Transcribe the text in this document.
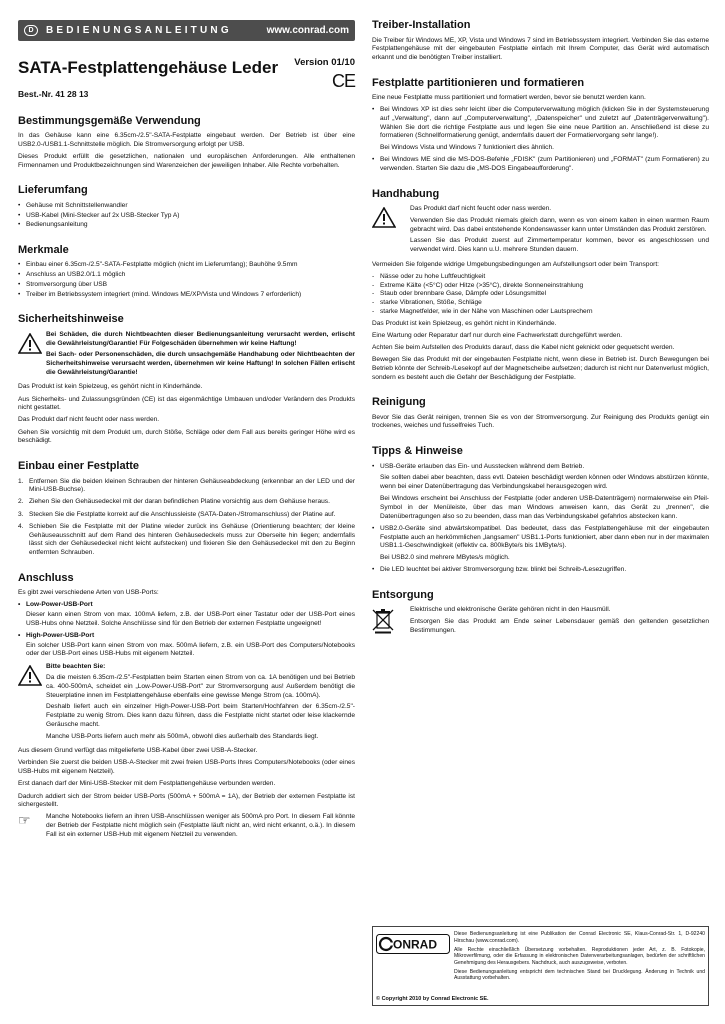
D	BEDIENUNGSANLEITUNG	www.conrad.com
SATA-Festplattengehäuse Leder Version 01/10
CE
Best.-Nr. 41 28 13
Bestimmungsgemäße Verwendung

In das Gehäuse kann eine 6.35cm-/2.5"-SATA-Festplatte eingebaut werden. Der Betrieb ist über eine USB2.0-/USB1.1-Schnittstelle möglich. Die Stromversorgung erfolgt per USB.

Dieses Produkt erfüllt die gesetzlichen, nationalen und europäischen Anforderungen. Alle enthaltenen Firmennamen und Produktbezeichnungen sind Warenzeichen der jeweiligen Inhaber. Alle Rechte vorbehalten.

Lieferumfang
• Gehäuse mit Schnittstellenwandler
• USB-Kabel (Mini-Stecker auf 2x USB-Stecker Typ A)
• Bedienungsanleitung
Merkmale
• Einbau einer 6.35cm-/2.5"-SATA-Festplatte möglich (nicht im Lieferumfang); Bauhöhe 9.5mm
• Anschluss an USB2.0/1.1 möglich
• Stromversorgung über USB
• Treiber im Betriebssystem integriert (mind. Windows ME/XP/Vista und Windows 7 erforderlich)
Sicherheitshinweise

Bei Schäden, die durch Nichtbeachten dieser Bedienungsanleitung verursacht werden, erlischt die Gewährleistung/Garantie! Für Folgeschäden übernehmen wir keine Haftung!

Bei Sach- oder Personenschäden, die durch unsachgemäße Handhabung oder Nichtbeachten der Sicherheitshinweise verursacht werden, übernehmen wir keine Haftung! In solchen Fällen erlischt die Gewährleistung/Garantie!

Das Produkt ist kein Spielzeug, es gehört nicht in Kinderhände.

Aus Sicherheits- und Zulassungsgründen (CE) ist das eigenmächtige Umbauen und/oder Verändern des Produkts nicht gestattet.

Das Produkt darf nicht feucht oder nass werden.

Gehen Sie vorsichtig mit dem Produkt um, durch Stöße, Schläge oder dem Fall aus bereits geringer Höhe wird es beschädigt.

Einbau einer Festplatte
1. Entfernen Sie die beiden kleinen Schrauben der hinteren Gehäuseabdeckung (erkennbar an der LED und der Mini-USB-Buchse).
2. Ziehen Sie den Gehäusedeckel mit der daran befindlichen Platine vorsichtig aus dem Gehäuse heraus.
3. Stecken Sie die Festplatte korrekt auf die Anschlussleiste (SATA-Daten-/Stromanschluss) der Platine auf.
4. Schieben Sie die Festplatte mit der Platine wieder zurück ins Gehäuse (Orientierung beachten; der kleine Gehäuseausschnitt auf dem Rand des hinteren Gehäusedeckels muss zur Oberseite hin liegen; andernfalls lässt sich der Gehäusedeckel nicht leicht aufstecken) und fixieren Sie den Gehäusedeckel mit den zu Beginn entfernten Schrauben.
Anschluss

Es gibt zwei verschiedene Arten von USB-Ports:

• Low-Power-USB-Port

Dieser kann einen Strom von max. 100mA liefern, z.B. der USB-Port einer Tastatur oder der USB-Port eines USB-Hubs ohne Netzteil. Solche Anschlüsse sind für den Betrieb der externen Festplatte ungeeignet!

• High-Power-USB-Port

Ein solcher USB-Port kann einen Strom von max. 500mA liefern, z.B. ein USB-Port des Computers/Notebooks oder der USB-Port eines USB-Hubs mit eigenem Netzteil.

Bitte beachten Sie:

Da die meisten 6.35cm-/2.5"-Festplatten beim Starten einen Strom von ca. 1A benötigen und bei Betrieb ca. 400-500mA, scheidet ein „Low-Power-USB-Port" zur Stromversorgung aus! Außerdem benötigt die Steuerplatine innen im Festplattengehäuse ebenfalls eine gewisse Menge Strom (ca. 100mA).

Deshalb liefert auch ein einzelner High-Power-USB-Port beim Starten/Hochfahren der 6.35cm-/2.5"-Festplatte zu wenig Strom. Dies kann dazu führen, dass die Festplatte nicht startet oder leise klackernde Geräusche macht.

Manche USB-Ports liefern auch mehr als 500mA, obwohl dies außerhalb des Standards liegt.

Aus diesem Grund verfügt das mitgelieferte USB-Kabel über zwei USB-A-Stecker.

Verbinden Sie zuerst die beiden USB-A-Stecker mit zwei freien USB-Ports Ihres Computers/Notebooks (oder eines USB-Hubs mit eigenem Netzteil).

Erst danach darf der Mini-USB-Stecker mit dem Festplattengehäuse verbunden werden.

Dadurch addiert sich der Strom beider USB-Ports (500mA + 500mA = 1A), der Betrieb der externen Festplatte ist sichergestellt.

☞	Manche Notebooks liefern an ihren USB-Anschlüssen weniger als 500mA pro Port. In diesem Fall könnte der Betrieb der Festplatte nicht möglich sein (Festplatte läuft nicht an, wird nicht erkannt, o.ä.). In diesem Fall ist ein externer USB-Hub mit eigenem Netzteil zu verwenden.
Treiber-Installation

Die Treiber für Windows ME, XP, Vista und Windows 7 sind im Betriebssystem integriert. Verbinden Sie das externe Festplattengehäuse mit der eingebauten Festplatte einfach mit Ihrem Computer, das Gerät wird automatisch erkannt und die benötigten Treiber installiert.

Festplatte partitionieren und formatieren

Eine neue Festplatte muss partitioniert und formatiert werden, bevor sie benutzt werden kann.

• Bei Windows XP ist dies sehr leicht über die Computerverwaltung möglich (klicken Sie in der Systemsteuerung auf „Verwaltung", dann auf „Computerverwaltung", „Datenspeicher" und zuletzt auf „Datenträgerverwaltung"). Wählen Sie dort die richtige Festplatte aus und legen Sie eine neue Partition an. Anschließend ist diese zu formatieren (Schnellformatierung genügt, andernfalls dauert der Formatiervorgang sehr lange!).

Bei Windows Vista und Windows 7 funktioniert dies ähnlich.

• Bei Windows ME sind die MS-DOS-Befehle „FDISK" (zum Partitionieren) und „FORMAT" (zum Formatieren) zu verwenden. Starten Sie dazu die „MS-DOS Eingabeaufforderung".
Handhabung

Das Produkt darf nicht feucht oder nass werden.

Verwenden Sie das Produkt niemals gleich dann, wenn es von einem kalten in einen warmen Raum gebracht wird. Das dabei entstehende Kondenswasser kann unter Umständen das Produkt zerstören.

Lassen Sie das Produkt zuerst auf Zimmertemperatur kommen, bevor es angeschlossen und verwendet wird. Dies kann u.U. mehrere Stunden dauern.

Vermeiden Sie folgende widrige Umgebungsbedingungen am Aufstellungsort oder beim Transport:

- Nässe oder zu hohe Luftfeuchtigkeit
- Extreme Kälte (<5°C) oder Hitze (>35°C), direkte Sonneneinstrahlung
- Staub oder brennbare Gase, Dämpfe oder Lösungsmittel
- starke Vibrationen, Stöße, Schläge
- starke Magnetfelder, wie in der Nähe von Maschinen oder Lautsprechern

Das Produkt ist kein Spielzeug, es gehört nicht in Kinderhände.

Eine Wartung oder Reparatur darf nur durch eine Fachwerkstatt durchgeführt werden.

Achten Sie beim Aufstellen des Produkts darauf, dass die Kabel nicht geknickt oder gequetscht werden.

Bewegen Sie das Produkt mit der eingebauten Festplatte nicht, wenn diese in Betrieb ist. Durch Bewegungen bei Betrieb könnte der Schreib-/Lesekopf auf der Magnetscheibe aufsetzen; dadurch ist nicht nur Datenverlust möglich, sondern es besteht auch die Gefahr der Beschädigung der Festplatte.

Reinigung

Bevor Sie das Gerät reinigen, trennen Sie es von der Stromversorgung. Zur Reinigung des Produkts genügt ein trockenes, weiches und fusselfreies Tuch.

Tipps & Hinweise
• USB-Geräte erlauben das Ein- und Ausstecken während dem Betrieb.

Sie sollten dabei aber beachten, dass evtl. Dateien beschädigt werden können oder Windows abstürzen könnte, wenn bei einer Datenübertragung das Verbindungskabel herausgezogen wird.

Bei Windows erscheint bei Anschluss der Festplatte (oder anderen USB-Datenträgern) normalerweise ein Pfeil-Symbol in der Menüleiste, über das man Windows anweisen kann, das Gerät zu „trennen", die Datenübertragungen also so zu beenden, dass man das Verbindungskabel gefahrlos abstecken kann.

• USB2.0-Geräte sind abwärtskompatibel. Das bedeutet, dass das Festplattengehäuse mit der eingebauten Festplatte auch an herkömmlichen „langsamen" USB1.1-Ports funktioniert, aber dann eben nur in der maximalen USB1.1-Geschwindigkeit (effektiv ca. 800kByte/s bis 1MByte/s).

Bei USB2.0 sind mehrere MBytes/s möglich.

• Die LED leuchtet bei aktiver Stromversorgung bzw. blinkt bei Schreib-/Lesezugriffen.
Entsorgung

Elektrische und elektronische Geräte gehören nicht in den Hausmüll.

Entsorgen Sie das Produkt am Ende seiner Lebensdauer gemäß den geltenden gesetzlichen Bestimmungen.

ONRAD

Diese Bedienungsanleitung ist eine Publikation der Conrad Electronic SE, Klaus-Conrad-Str. 1, D-92240 Hirschau (www.conrad.com).

Alle Rechte einschließlich Übersetzung vorbehalten. Reproduktionen jeder Art, z. B. Fotokopie, Mikroverfilmung, oder die Erfassung in elektronischen Datenverarbeitungsanlagen, bedürfen der schriftlichen Genehmigung des Herausgebers. Nachdruck, auch auszugsweise, verboten.

Diese Bedienungsanleitung entspricht dem technischen Stand bei Drucklegung. Änderung in Technik und Ausstattung vorbehalten.

© Copyright 2010 by Conrad Electronic SE.
